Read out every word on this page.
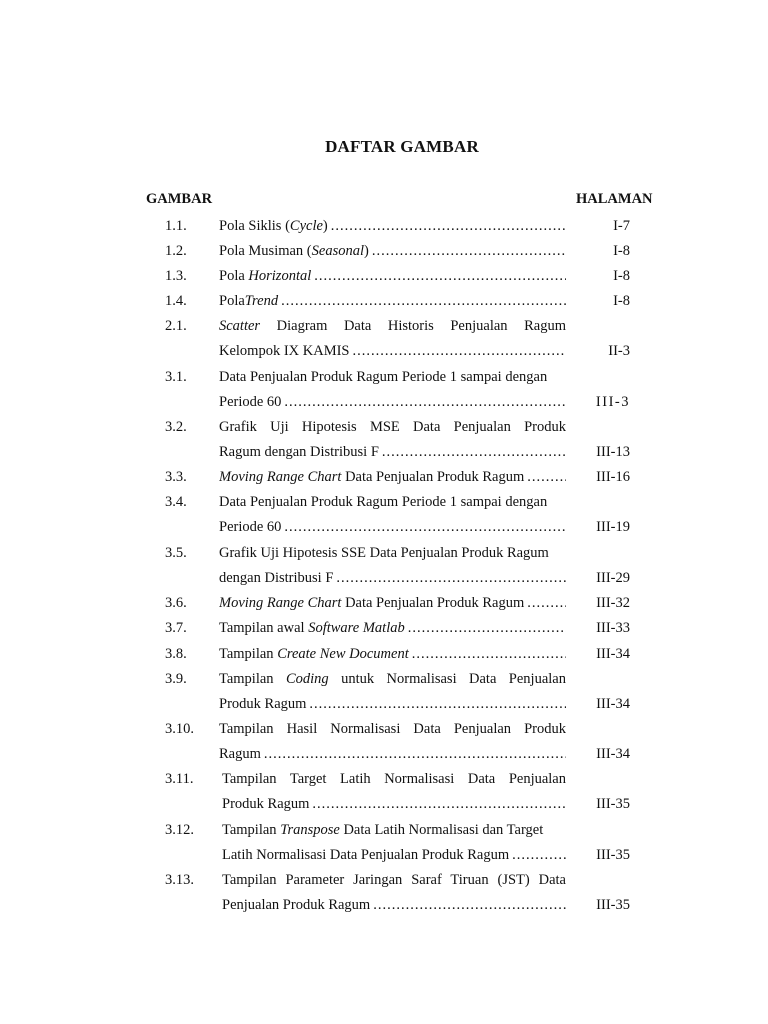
DAFTAR GAMBAR
GAMBAR	HALAMAN
1.1. Pola Siklis (Cycle) .....	I-7
1.2. Pola Musiman (Seasonal) .....	I-8
1.3. Pola Horizontal .....	I-8
1.4. PolaTrend .....	I-8
2.1. Scatter Diagram Data Historis Penjualan Ragum
Kelompok IX KAMIS .....	II-3
3.1. Data Penjualan Produk Ragum Periode 1 sampai dengan
Periode 60 .....	III-3
3.2. Grafik Uji Hipotesis MSE Data Penjualan Produk
Ragum dengan Distribusi F .....	III-13
3.3. Moving Range Chart Data Penjualan Produk Ragum .....	III-16
3.4. Data Penjualan Produk Ragum Periode 1 sampai dengan
Periode 60 .....	III-19
3.5. Grafik Uji Hipotesis SSE Data Penjualan Produk Ragum
dengan Distribusi F .....	III-29
3.6. Moving Range Chart Data Penjualan Produk Ragum .....	III-32
3.7. Tampilan awal Software Matlab .....	III-33
3.8. Tampilan Create New Document .....	III-34
3.9. Tampilan Coding untuk Normalisasi Data Penjualan
Produk Ragum .....	III-34
3.10. Tampilan Hasil Normalisasi Data Penjualan Produk
Ragum .....	III-34
3.11. Tampilan Target Latih Normalisasi Data Penjualan
Produk Ragum .....	III-35
3.12. Tampilan Transpose Data Latih Normalisasi dan Target
Latih Normalisasi Data Penjualan Produk Ragum .....	III-35
3.13. Tampilan Parameter Jaringan Saraf Tiruan (JST) Data
Penjualan Produk Ragum .....	III-35
